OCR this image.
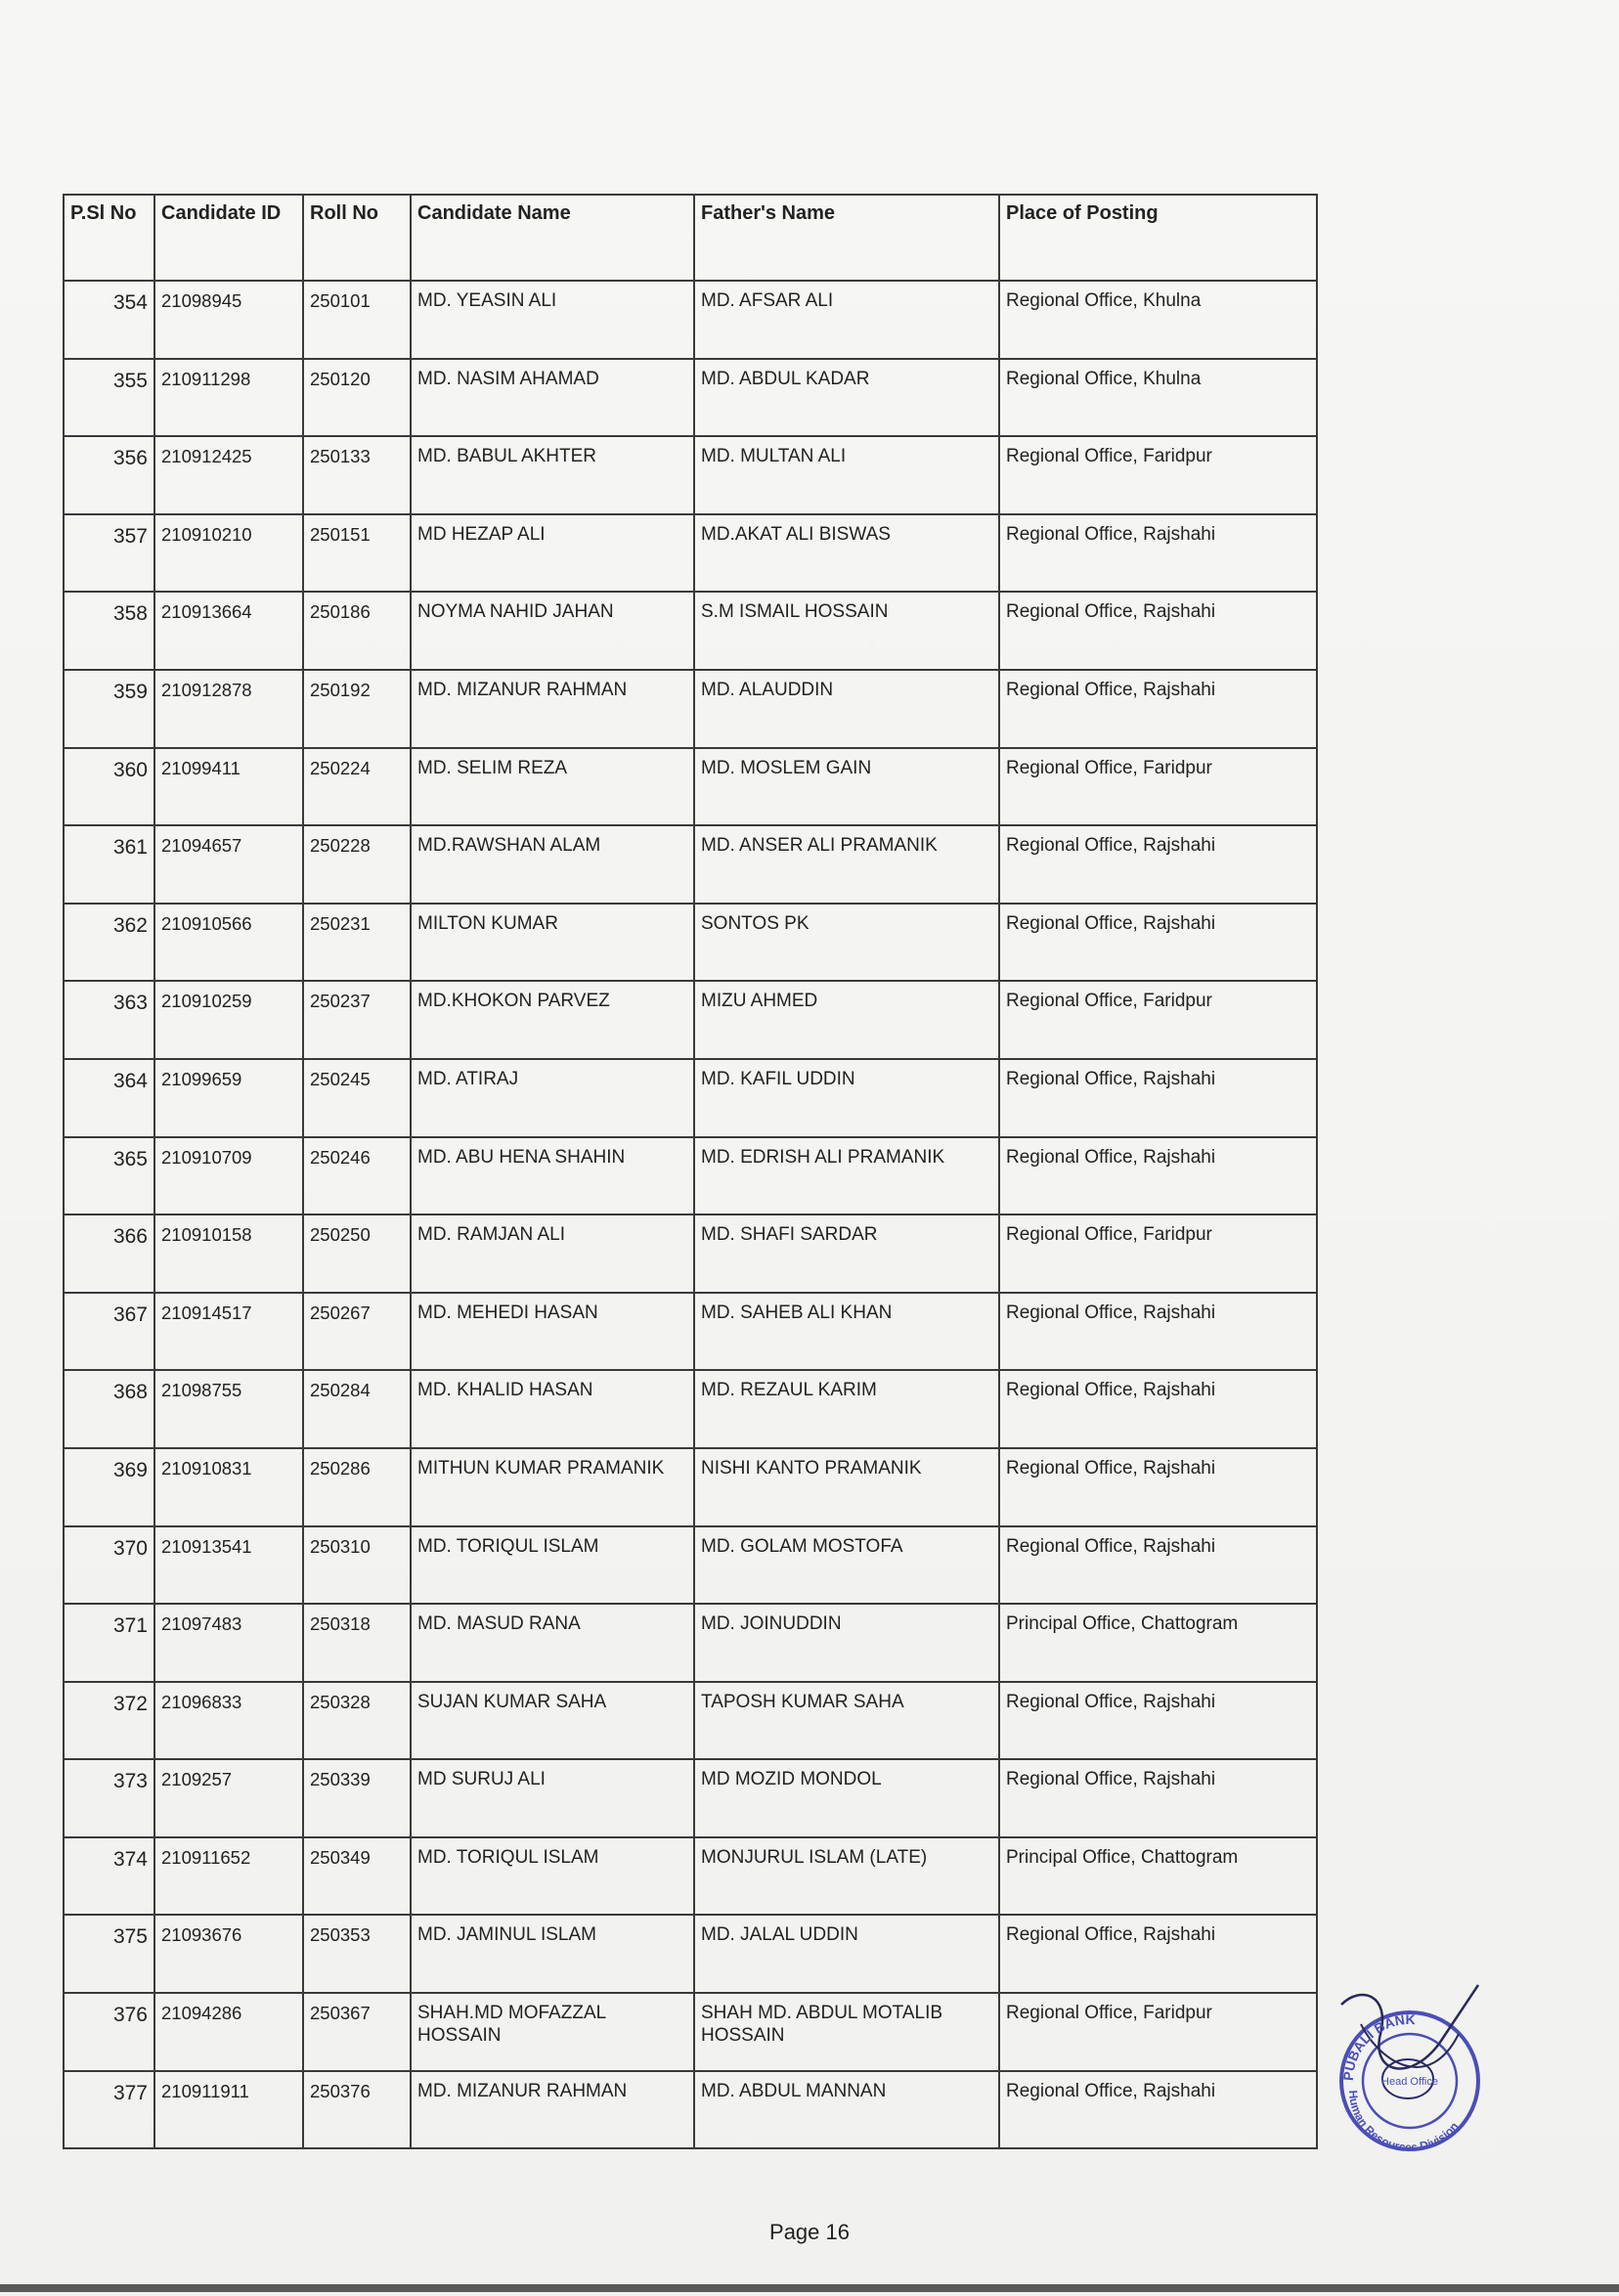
P.Sl No	Candidate ID	Roll No	Candidate Name	Father's Name	Place of Posting
354	21098945	250101	MD. YEASIN ALI	MD. AFSAR ALI	Regional Office, Khulna
355	210911298	250120	MD. NASIM AHAMAD	MD. ABDUL KADAR	Regional Office, Khulna
356	210912425	250133	MD. BABUL AKHTER	MD. MULTAN ALI	Regional Office, Faridpur
357	210910210	250151	MD HEZAP ALI	MD.AKAT ALI BISWAS	Regional Office, Rajshahi
358	210913664	250186	NOYMA NAHID JAHAN	S.M ISMAIL HOSSAIN	Regional Office, Rajshahi
359	210912878	250192	MD. MIZANUR RAHMAN	MD. ALAUDDIN	Regional Office, Rajshahi
360	21099411	250224	MD. SELIM REZA	MD. MOSLEM GAIN	Regional Office, Faridpur
361	21094657	250228	MD.RAWSHAN ALAM	MD. ANSER ALI PRAMANIK	Regional Office, Rajshahi
362	210910566	250231	MILTON KUMAR	SONTOS PK	Regional Office, Rajshahi
363	210910259	250237	MD.KHOKON PARVEZ	MIZU AHMED	Regional Office, Faridpur
364	21099659	250245	MD. ATIRAJ	MD. KAFIL UDDIN	Regional Office, Rajshahi
365	210910709	250246	MD. ABU HENA SHAHIN	MD. EDRISH ALI PRAMANIK	Regional Office, Rajshahi
366	210910158	250250	MD. RAMJAN ALI	MD. SHAFI SARDAR	Regional Office, Faridpur
367	210914517	250267	MD. MEHEDI HASAN	MD. SAHEB ALI KHAN	Regional Office, Rajshahi
368	21098755	250284	MD. KHALID HASAN	MD. REZAUL KARIM	Regional Office, Rajshahi
369	210910831	250286	MITHUN KUMAR PRAMANIK	NISHI KANTO PRAMANIK	Regional Office, Rajshahi
370	210913541	250310	MD. TORIQUL ISLAM	MD. GOLAM MOSTOFA	Regional Office, Rajshahi
371	21097483	250318	MD. MASUD RANA	MD. JOINUDDIN	Principal Office, Chattogram
372	21096833	250328	SUJAN KUMAR SAHA	TAPOSH KUMAR SAHA	Regional Office, Rajshahi
373	2109257	250339	MD SURUJ ALI	MD MOZID MONDOL	Regional Office, Rajshahi
374	210911652	250349	MD. TORIQUL ISLAM	MONJURUL ISLAM (LATE)	Principal Office, Chattogram
375	21093676	250353	MD. JAMINUL ISLAM	MD. JALAL UDDIN	Regional Office, Rajshahi
376	21094286	250367	SHAH.MD MOFAZZAL HOSSAIN	SHAH MD. ABDUL MOTALIB HOSSAIN	Regional Office, Faridpur
377	210911911	250376	MD. MIZANUR RAHMAN	MD. ABDUL MANNAN	Regional Office, Rajshahi
PUBALI BANK
Human Resources Division
Head Office
Page 16
